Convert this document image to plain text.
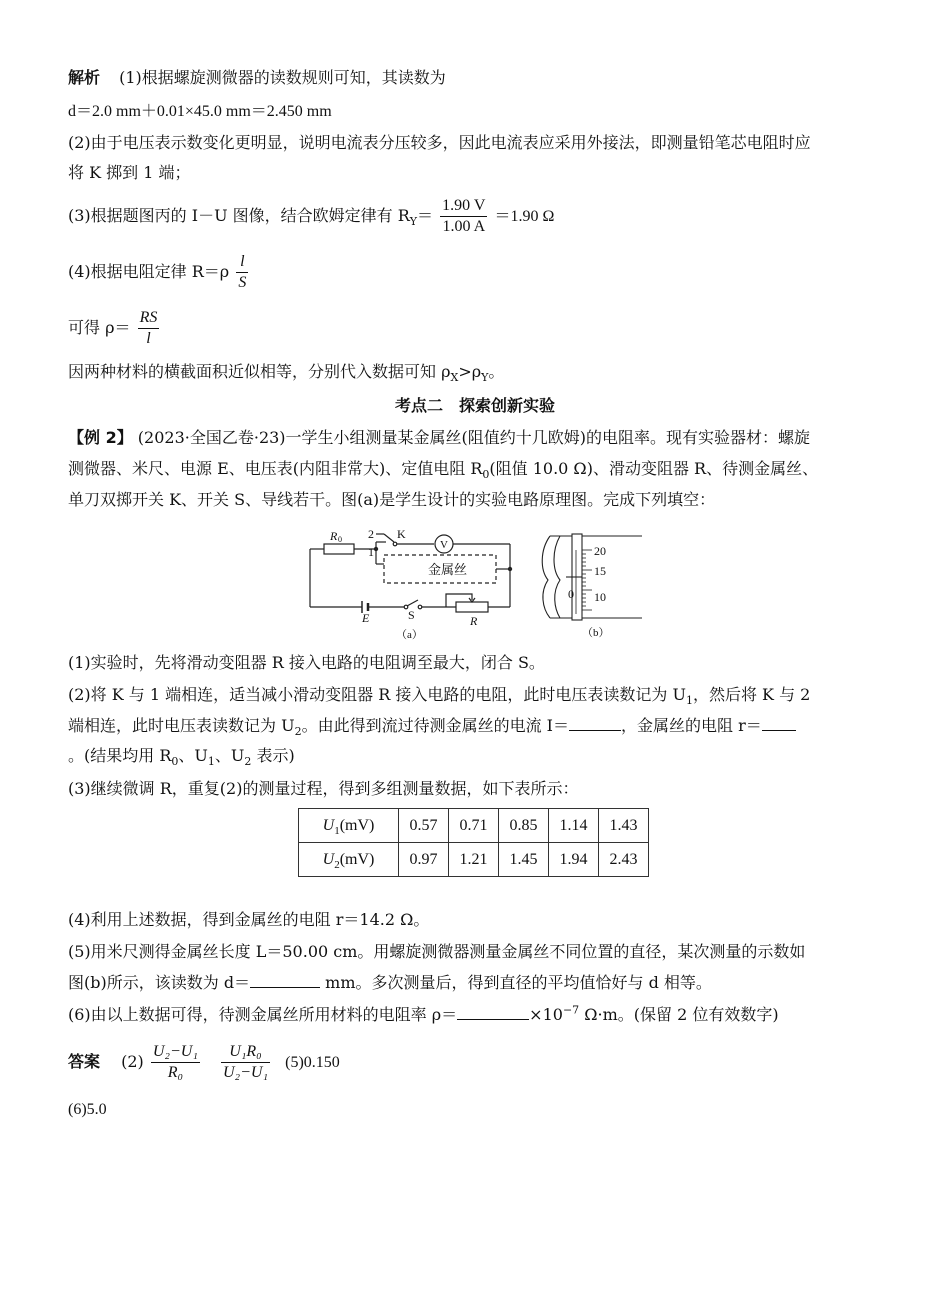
解析 (1)根据螺旋测微器的读数规则可知，其读数为
d＝2.0 mm＋0.01×45.0 mm＝2.450 mm
(2)由于电压表示数变化更明显，说明电流表分压较多，因此电流表应采用外接法，即测量铅笔芯电阻时应
将 K 掷到 1 端；
(3)根据题图丙的 I－U 图像，结合欧姆定律有 $R_Y= \frac{1.90 V}{1.00 A} =1.90$ Ω
(4)根据电阻定律 $R=\rho \frac{l}{S}$
可得 $\rho= \frac{RS}{l}$
因两种材料的横截面积近似相等，分别代入数据可知 $\rho_X>\rho_Y$。
考点二　探索创新实验
【例 2】 (2023·全国乙卷·23)一学生小组测量某金属丝(阻值约十几欧姆)的电阻率。现有实验器材：螺旋
测微器、米尺、电源 E、电压表(内阻非常大)、定值电阻 $R_0$(阻值 10.0 Ω)、滑动变阻器 R、待测金属丝、
单刀双掷开关 K、开关 S、导线若干。图(a)是学生设计的实验电路原理图。完成下列填空：
2
1
K
V
R 0
E	S	R
（a）
金属丝
20
15
10
0
（b）
(1)实验时，先将滑动变阻器 R 接入电路的电阻调至最大，闭合 S。
(2)将 K 与 1 端相连，适当减小滑动变阻器 R 接入电路的电阻，此时电压表读数记为 $U_1$，然后将 K 与 2
端相连，此时电压表读数记为 $U_2$。由此得到流过待测金属丝的电流 I＝	，金属丝的电阻 r＝
。(结果均用 $R_0$、$U_1$、$U_2$ 表示)
(3)继续微调 R，重复(2)的测量过程，得到多组测量数据，如下表所示：
$U_1(mV)$	0.57	0.71	0.85	1.14	1.43
$U_2(mV)$	0.97	1.21	1.45	1.94	2.43
(4)利用上述数据，得到金属丝的电阻 r＝14.2 Ω。
(5)用米尺测得金属丝长度 L＝50.00 cm。用螺旋测微器测量金属丝不同位置的直径，某次测量的示数如
图(b)所示，该读数为 d＝	mm。多次测量后，得到直径的平均值恰好与 d 相等。
(6)由以上数据可得，待测金属丝所用材料的电阻率 ρ＝	$\times 10^{-7}$ Ω·m。(保留 2 位有效数字)
答案 $(2) \frac{\text{U₂−U₁}}{\text{R₀}}$
$\frac{\text{U₁R₀}}{\text{U₂−U₁}} (5)0.150$
(6)5.0
